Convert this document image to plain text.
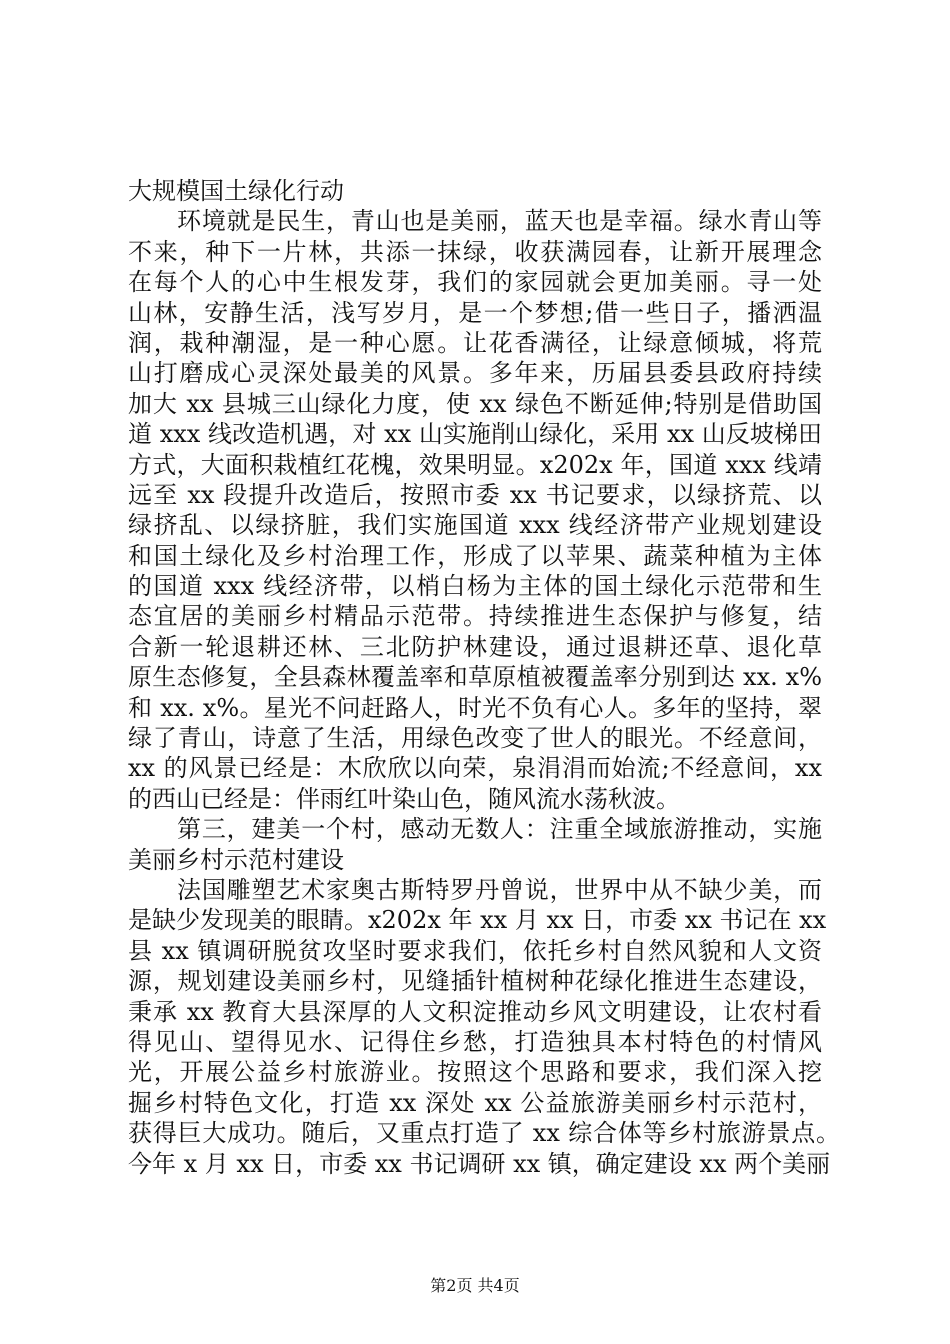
大规模国土绿化行动
环境就是民生，青山也是美丽，蓝天也是幸福。绿水青山等
不来，种下一片林，共添一抹绿，收获满园春，让新开展理念
在每个人的心中生根发芽，我们的家园就会更加美丽。寻一处
山林，安静生活，浅写岁月，是一个梦想;借一些日子，播洒温
润，栽种潮湿，是一种心愿。让花香满径，让绿意倾城，将荒
山打磨成心灵深处最美的风景。多年来，历届县委县政府持续
加大 xx 县城三山绿化力度，使 xx 绿色不断延伸;特别是借助国
道 xxx 线改造机遇，对 xx 山实施削山绿化，采用 xx 山反坡梯田
方式，大面积栽植红花槐，效果明显。x202x 年，国道 xxx 线靖
远至 xx 段提升改造后，按照市委 xx 书记要求，以绿挤荒、以
绿挤乱、以绿挤脏，我们实施国道 xxx 线经济带产业规划建设
和国土绿化及乡村治理工作，形成了以苹果、蔬菜种植为主体
的国道 xxx 线经济带，以梢白杨为主体的国土绿化示范带和生
态宜居的美丽乡村精品示范带。持续推进生态保护与修复，结
合新一轮退耕还林、三北防护林建设，通过退耕还草、退化草
原生态修复，全县森林覆盖率和草原植被覆盖率分别到达 xx. x%
和 xx. x%。星光不问赶路人，时光不负有心人。多年的坚持，翠
绿了青山，诗意了生活，用绿色改变了世人的眼光。不经意间，
xx 的风景已经是：木欣欣以向荣，泉涓涓而始流;不经意间，xx
的西山已经是：伴雨红叶染山色，随风流水荡秋波。
第三，建美一个村，感动无数人：注重全域旅游推动，实施
美丽乡村示范村建设
法国雕塑艺术家奥古斯特罗丹曾说，世界中从不缺少美，而
是缺少发现美的眼睛。x202x 年 xx 月 xx 日，市委 xx 书记在 xx
县 xx 镇调研脱贫攻坚时要求我们，依托乡村自然风貌和人文资
源，规划建设美丽乡村，见缝插针植树种花绿化推进生态建设，
秉承 xx 教育大县深厚的人文积淀推动乡风文明建设，让农村看
得见山、望得见水、记得住乡愁，打造独具本村特色的村情风
光，开展公益乡村旅游业。按照这个思路和要求，我们深入挖
掘乡村特色文化，打造 xx 深处 xx 公益旅游美丽乡村示范村，
获得巨大成功。随后，又重点打造了 xx 综合体等乡村旅游景点。
今年 x 月 xx 日，市委 xx 书记调研 xx 镇，确定建设 xx 两个美丽
第2页 共4页
